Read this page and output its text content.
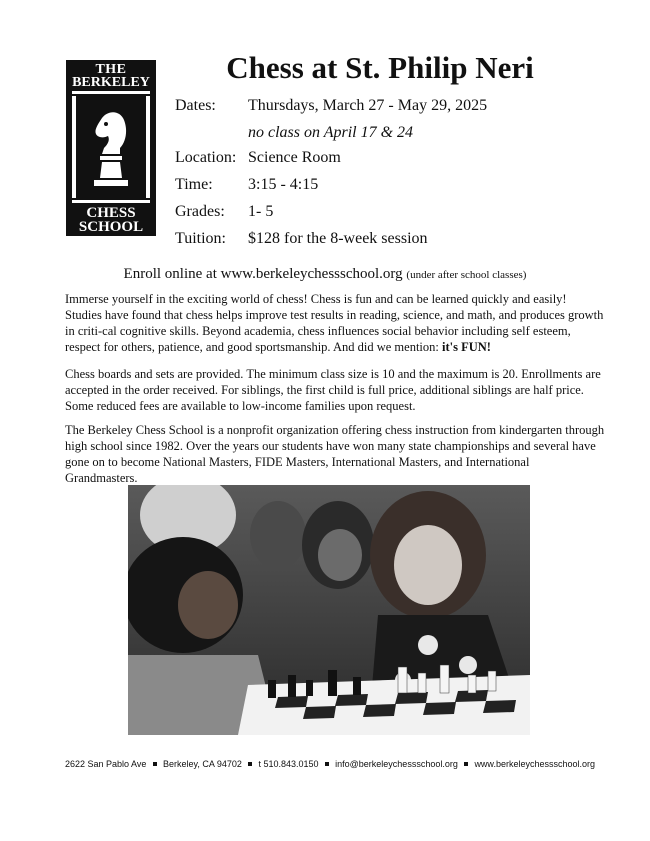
THE
BERKELEY
CHESS
SCHOOL
Chess at St. Philip Neri
Dates:	Thursdays, March 27 - May 29, 2025
no class on April 17 & 24
Location: Science Room
Time:	3:15 - 4:15
Grades:	1- 5
Tuition:	$128 for the 8-week session
Enroll online at www.berkeleychessschool.org (under after school classes)
Immerse yourself in the exciting world of chess! Chess is fun and can be learned quickly and easily! Studies have found that chess helps improve test results in reading, science, and math, and produces growth in criti-cal cognitive skills. Beyond academia, chess influences social behavior including self esteem, respect for others, patience, and good sportsmanship. And did we mention: it's FUN!
Chess boards and sets are provided. The minimum class size is 10 and the maximum is 20. Enrollments are accepted in the order received. For siblings, the first child is full price, additional siblings are half price. Some reduced fees are available to low-income families upon request.
The Berkeley Chess School is a nonprofit organization offering chess instruction from kindergarten through high school since 1982. Over the years our students have won many state championships and several have gone on to become National Masters, FIDE Masters, International Masters, and International Grandmasters.
2622 San Pablo Ave Berkeley, CA 94702 t 510.843.0150 info@berkeleychessschool.org www.berkeleychessschool.org
